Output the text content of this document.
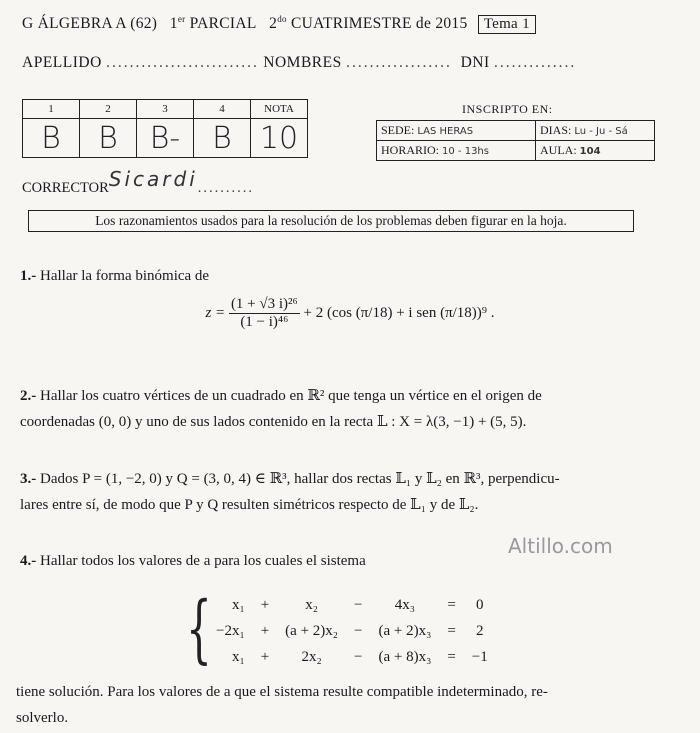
G ÁLGEBRA A (62) 1er PARCIAL $2^{do}$ CUATRIMESTRE de 2015 Tema 1
APELLIDO .......................... NOMBRES .................. DNI ..............
1	2	3	4	NOTA
B	B	B-	B	10
INSCRIPTO EN:
SEDE: LAS HERAS	DIAS: Lu - Ju - Sá
HORARIO: 10 - 13hs	AULA: 104
CORRECTORSicardi..........
Los razonamientos usados para la resolución de los problemas deben figurar en la hoja.
1.- Hallar la forma binómica de
$z = \frac{\text{(1 + √3 i)²⁶}}{\text{(1 − i)⁴⁶}} + 2$ (cos (π/18) + i sen (π/18))⁹ .
2.- Hallar los cuatro vértices de un cuadrado en ℝ² que tenga un vértice en el origen de
coordenadas (0, 0) y uno de sus lados contenido en la recta 𝕃 : X = λ(3, −1) + (5, 5).
3.- Dados P = (1, −2, 0) y Q = (3, 0, 4) ∈ ℝ³, hallar dos rectas 𝕃₁ y 𝕃₂ en ℝ³, perpendicu-
lares entre sí, de modo que P y Q resulten simétricos respecto de 𝕃₁ y de 𝕃₂.
Altillo.com
4.- Hallar todos los valores de a para los cuales el sistema
{ x₁	+	x₂	−	4x₃	=	0
−2x₁	+	(a + 2)x₂	−	(a + 2)x₃	=	2
x₁	+	2x₂	−	(a + 8)x₃	=	−1
tiene solución. Para los valores de a que el sistema resulte compatible indeterminado, re-
solverlo.
